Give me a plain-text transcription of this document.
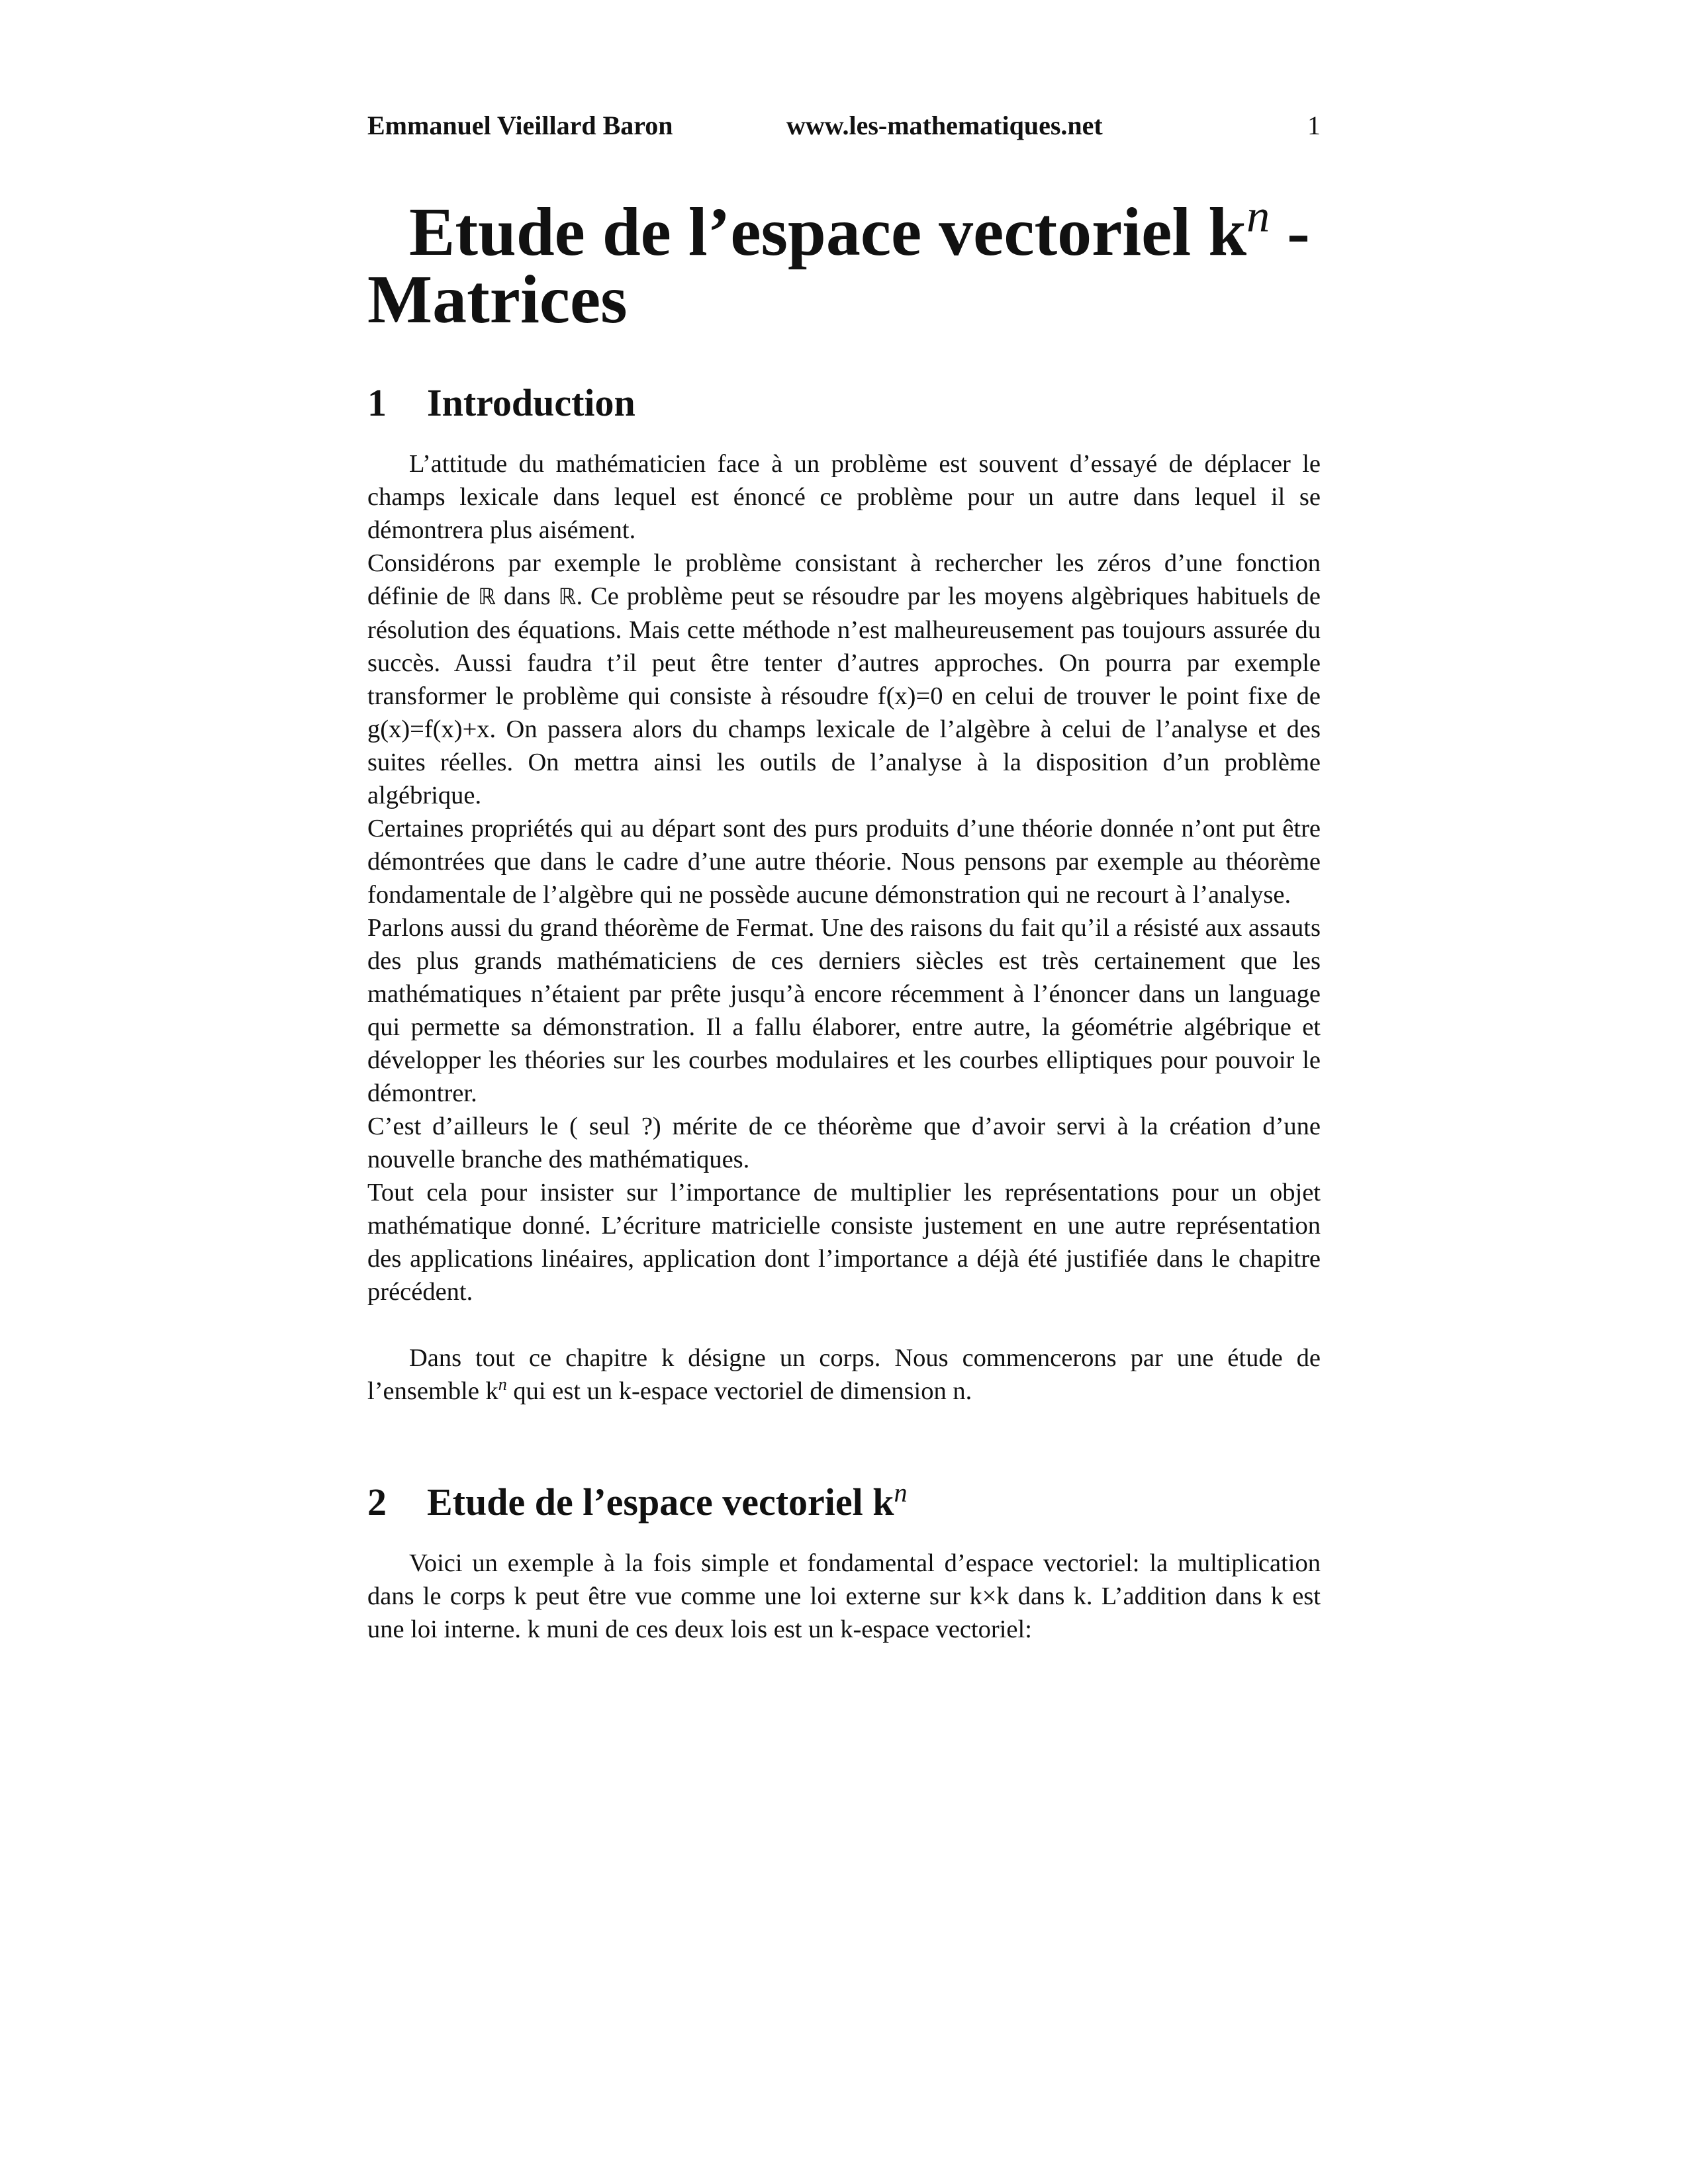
Emmanuel Vieillard Baron	www.les-mathematiques.net	1
Etude de l’espace vectoriel $k^n$ -
Matrices
1 Introduction

L’attitude du mathématicien face à un problème est souvent d’essayé de déplacer le champs lexicale dans lequel est énoncé ce problème pour un autre dans lequel il se démontrera plus aisément.

Considérons par exemple le problème consistant à rechercher les zéros d’une fonction définie de ℝ dans ℝ. Ce problème peut se résoudre par les moyens algèbriques habituels de résolution des équations. Mais cette méthode n’est malheureusement pas toujours assurée du succès. Aussi faudra t’il peut être tenter d’autres approches. On pourra par exemple transformer le problème qui consiste à résoudre f(x)=0 en celui de trouver le point fixe de g(x)=f(x)+x. On passera alors du champs lexicale de l’algèbre à celui de l’analyse et des suites réelles. On mettra ainsi les outils de l’analyse à la disposition d’un problème algébrique.

Certaines propriétés qui au départ sont des purs produits d’une théorie donnée n’ont put être démontrées que dans le cadre d’une autre théorie. Nous pensons par exemple au théorème fondamentale de l’algèbre qui ne possède aucune démonstration qui ne recourt à l’analyse.

Parlons aussi du grand théorème de Fermat. Une des raisons du fait qu’il a résisté aux assauts des plus grands mathématiciens de ces derniers siècles est très certainement que les mathématiques n’étaient par prête jusqu’à encore récemment à l’énoncer dans un language qui permette sa démonstration. Il a fallu élaborer, entre autre, la géométrie algébrique et développer les théories sur les courbes modulaires et les courbes elliptiques pour pouvoir le démontrer.

C’est d’ailleurs le ( seul ?) mérite de ce théorème que d’avoir servi à la création d’une nouvelle branche des mathématiques.

Tout cela pour insister sur l’importance de multiplier les représentations pour un objet mathématique donné. L’écriture matricielle consiste justement en une autre représentation des applications linéaires, application dont l’importance a déjà été justifiée dans le chapitre précédent.

Dans tout ce chapitre k désigne un corps. Nous commencerons par une étude de l’ensemble $k^n$ qui est un k-espace vectoriel de dimension n.

2 Etude de l’espace vectoriel $k^n$

Voici un exemple à la fois simple et fondamental d’espace vectoriel: la multiplication dans le corps k peut être vue comme une loi externe sur k×k dans k. L’addition dans k est une loi interne. k muni de ces deux lois est un k-espace vectoriel:
